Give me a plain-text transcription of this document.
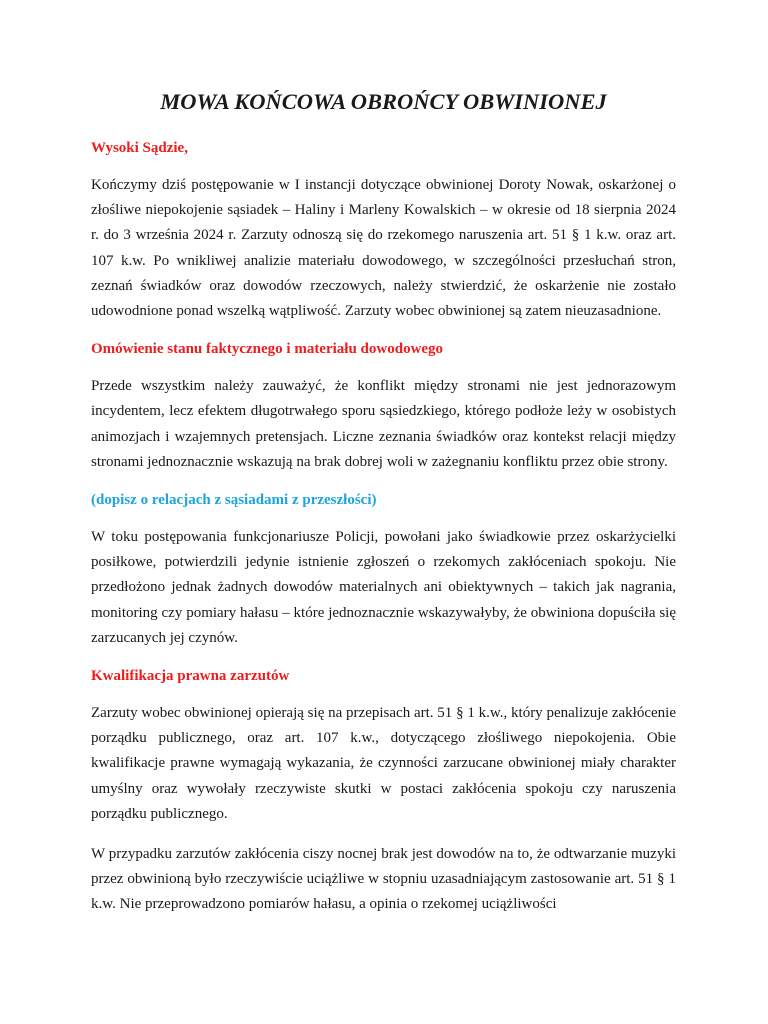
MOWA KOŃCOWA OBROŃCY OBWINIONEJ

Wysoki Sądzie,

Kończymy dziś postępowanie w I instancji dotyczące obwinionej Doroty Nowak, oskarżonej o złośliwe niepokojenie sąsiadek – Haliny i Marleny Kowalskich – w okresie od 18 sierpnia 2024 r. do 3 września 2024 r. Zarzuty odnoszą się do rzekomego naruszenia art. 51 § 1 k.w. oraz art. 107 k.w. Po wnikliwej analizie materiału dowodowego, w szczególności przesłuchań stron, zeznań świadków oraz dowodów rzeczowych, należy stwierdzić, że oskarżenie nie zostało udowodnione ponad wszelką wątpliwość. Zarzuty wobec obwinionej są zatem nieuzasadnione.

Omówienie stanu faktycznego i materiału dowodowego

Przede wszystkim należy zauważyć, że konflikt między stronami nie jest jednorazowym incydentem, lecz efektem długotrwałego sporu sąsiedzkiego, którego podłoże leży w osobistych animozjach i wzajemnych pretensjach. Liczne zeznania świadków oraz kontekst relacji między stronami jednoznacznie wskazują na brak dobrej woli w zażegnaniu konfliktu przez obie strony.

(dopisz o relacjach z sąsiadami z przeszłości)

W toku postępowania funkcjonariusze Policji, powołani jako świadkowie przez oskarżycielki posiłkowe, potwierdzili jedynie istnienie zgłoszeń o rzekomych zakłóceniach spokoju. Nie przedłożono jednak żadnych dowodów materialnych ani obiektywnych – takich jak nagrania, monitoring czy pomiary hałasu – które jednoznacznie wskazywałyby, że obwiniona dopuściła się zarzucanych jej czynów.

Kwalifikacja prawna zarzutów

Zarzuty wobec obwinionej opierają się na przepisach art. 51 § 1 k.w., który penalizuje zakłócenie porządku publicznego, oraz art. 107 k.w., dotyczącego złośliwego niepokojenia. Obie kwalifikacje prawne wymagają wykazania, że czynności zarzucane obwinionej miały charakter umyślny oraz wywołały rzeczywiste skutki w postaci zakłócenia spokoju czy naruszenia porządku publicznego.

W przypadku zarzutów zakłócenia ciszy nocnej brak jest dowodów na to, że odtwarzanie muzyki przez obwinioną było rzeczywiście uciążliwe w stopniu uzasadniającym zastosowanie art. 51 § 1 k.w. Nie przeprowadzono pomiarów hałasu, a opinia o rzekomej uciążliwości
